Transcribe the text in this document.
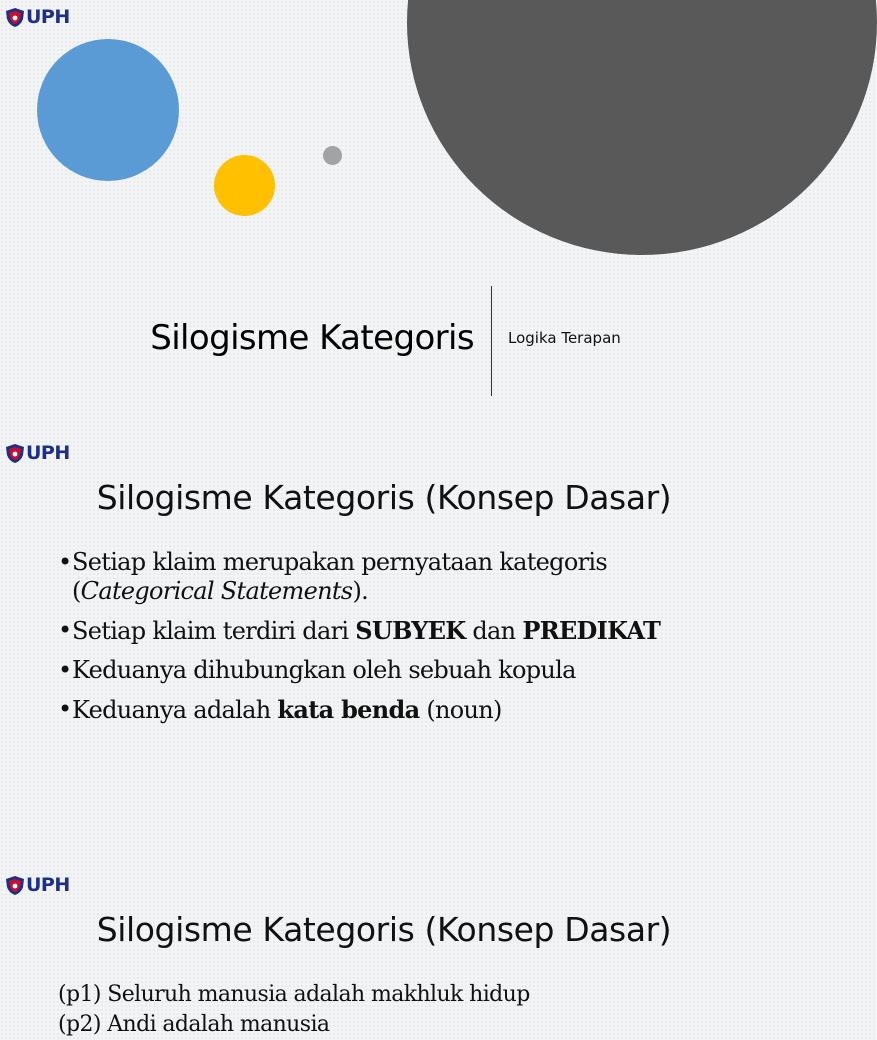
UPH
Silogisme Kategoris Logika Terapan
UPH
Silogisme Kategoris (Konsep Dasar)
• Setiap klaim merupakan pernyataan kategoris (Categorical Statements).
• Setiap klaim terdiri dari SUBYEK dan PREDIKAT
• Keduanya dihubungkan oleh sebuah kopula
• Keduanya adalah kata benda (noun)
UPH
Silogisme Kategoris (Konsep Dasar)
(p1) Seluruh manusia adalah makhluk hidup
(p2) Andi adalah manusia
